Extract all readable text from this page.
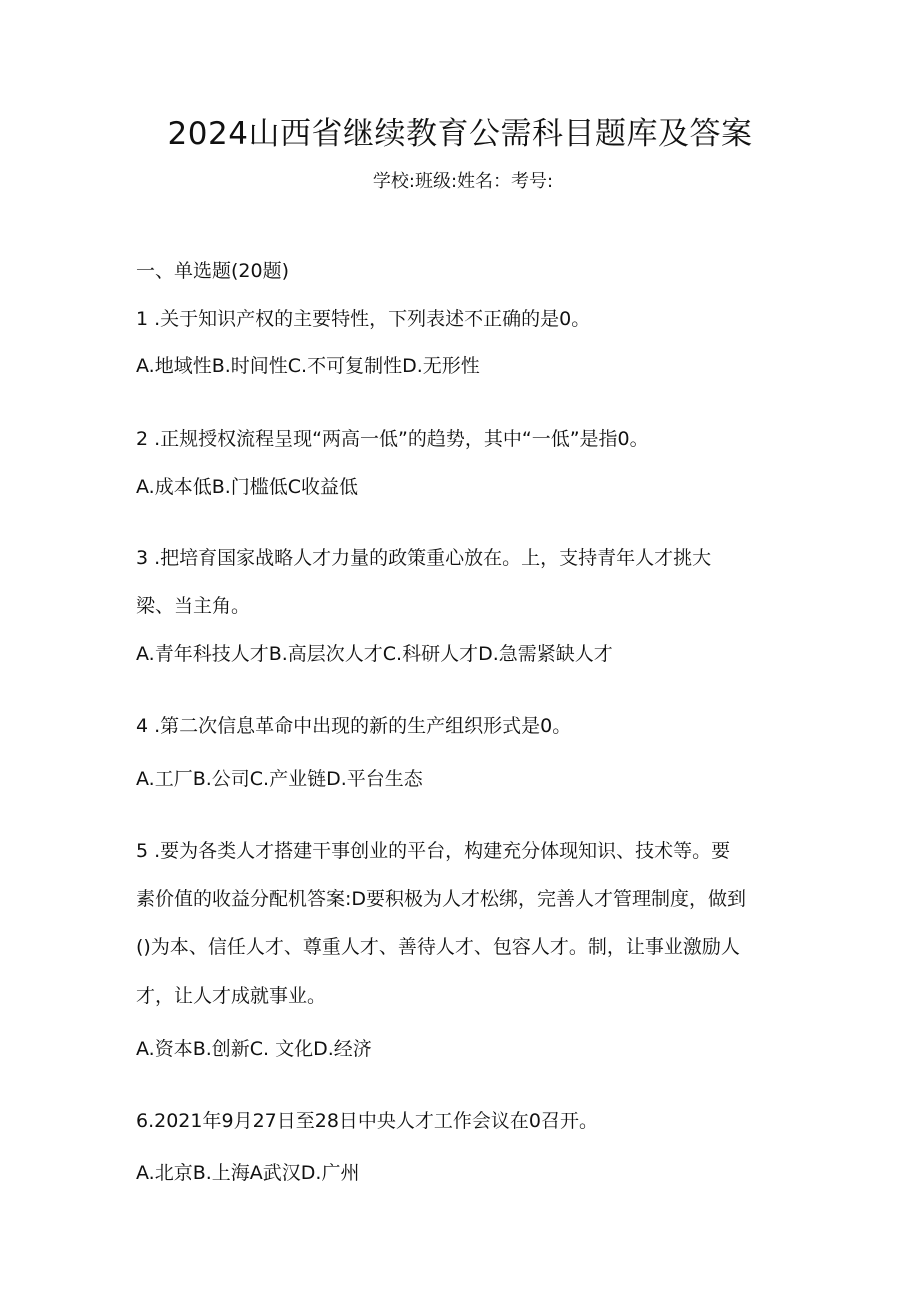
2024山西省继续教育公需科目题库及答案
学校:班级:姓名：考号:
一、单选题(20题)
1 .关于知识产权的主要特性，下列表述不正确的是0。
A.地域性B.时间性C.不可复制性D.无形性
2 .正规授权流程呈现“两高一低”的趋势，其中“一低”是指0。
A.成本低B.门槛低C收益低
3 .把培育国家战略人才力量的政策重心放在。上，支持青年人才挑大
梁、当主角。
A.青年科技人才B.高层次人才C.科研人才D.急需紧缺人才
4 .第二次信息革命中出现的新的生产组织形式是0。
A.工厂B.公司C.产业链D.平台生态
5 .要为各类人才搭建干事创业的平台，构建充分体现知识、技术等。要
素价值的收益分配机答案:D要积极为人才松绑，完善人才管理制度，做到
()为本、信任人才、尊重人才、善待人才、包容人才。制，让事业激励人
才，让人才成就事业。
A.资本B.创新C. 文化D.经济
6.2021年9月27日至28日中央人才工作会议在0召开。
A.北京B.上海A武汉D.广州
